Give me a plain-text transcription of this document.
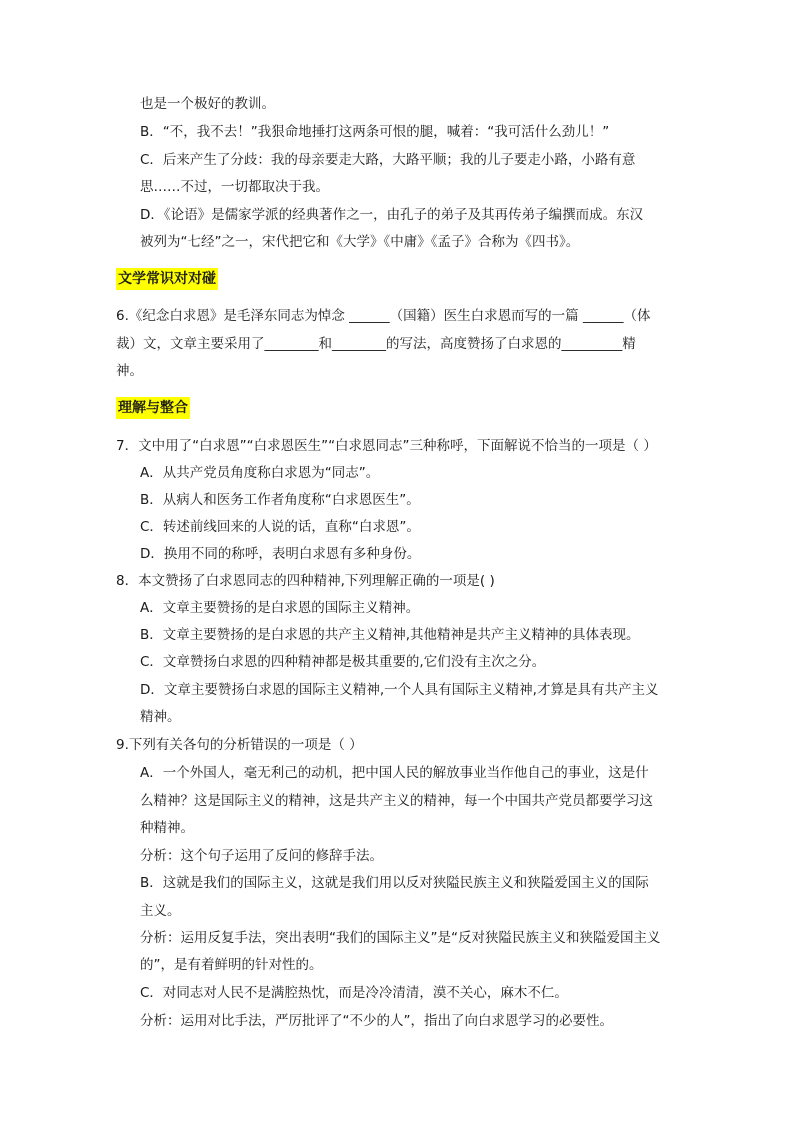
也是一个极好的教训。
B．“不，我不去！”我狠命地捶打这两条可恨的腿，喊着：“我可活什么劲儿！”
C．后来产生了分歧：我的母亲要走大路，大路平顺；我的儿子要走小路，小路有意
思……不过，一切都取决于我。
D．《论语》是儒家学派的经典著作之一，由孔子的弟子及其再传弟子编撰而成。东汉
被列为“七经”之一，宋代把它和《大学》《中庸》《孟子》合称为《四书》。
文学常识对对碰
6.《纪念白求恩》是毛泽东同志为悼念 ______（国籍）医生白求恩而写的一篇 ______（体
裁）文，文章主要采用了________和________的写法，高度赞扬了白求恩的_________精
神。
理解与整合
7．文中用了“白求恩”“白求恩医生”“白求恩同志”三种称呼，下面解说不恰当的一项是（ ）
A．从共产党员角度称白求恩为“同志”。
B．从病人和医务工作者角度称“白求恩医生”。
C．转述前线回来的人说的话，直称“白求恩”。
D．换用不同的称呼，表明白求恩有多种身份。
8．本文赞扬了白求恩同志的四种精神,下列理解正确的一项是( )
A．文章主要赞扬的是白求恩的国际主义精神。
B．文章主要赞扬的是白求恩的共产主义精神,其他精神是共产主义精神的具体表现。
C．文章赞扬白求恩的四种精神都是极其重要的,它们没有主次之分。
D．文章主要赞扬白求恩的国际主义精神,一个人具有国际主义精神,才算是具有共产主义
精神。
9.下列有关各句的分析错误的一项是（ ）
A．一个外国人，毫无利己的动机，把中国人民的解放事业当作他自己的事业，这是什
么精神？这是国际主义的精神，这是共产主义的精神，每一个中国共产党员都要学习这
种精神。
分析：这个句子运用了反问的修辞手法。
B．这就是我们的国际主义，这就是我们用以反对狭隘民族主义和狭隘爱国主义的国际
主义。
分析：运用反复手法，突出表明“我们的国际主义”是“反对狭隘民族主义和狭隘爱国主义
的”，是有着鲜明的针对性的。
C．对同志对人民不是满腔热忱，而是冷冷清清，漠不关心，麻木不仁。
分析：运用对比手法，严厉批评了“不少的人”，指出了向白求恩学习的必要性。
